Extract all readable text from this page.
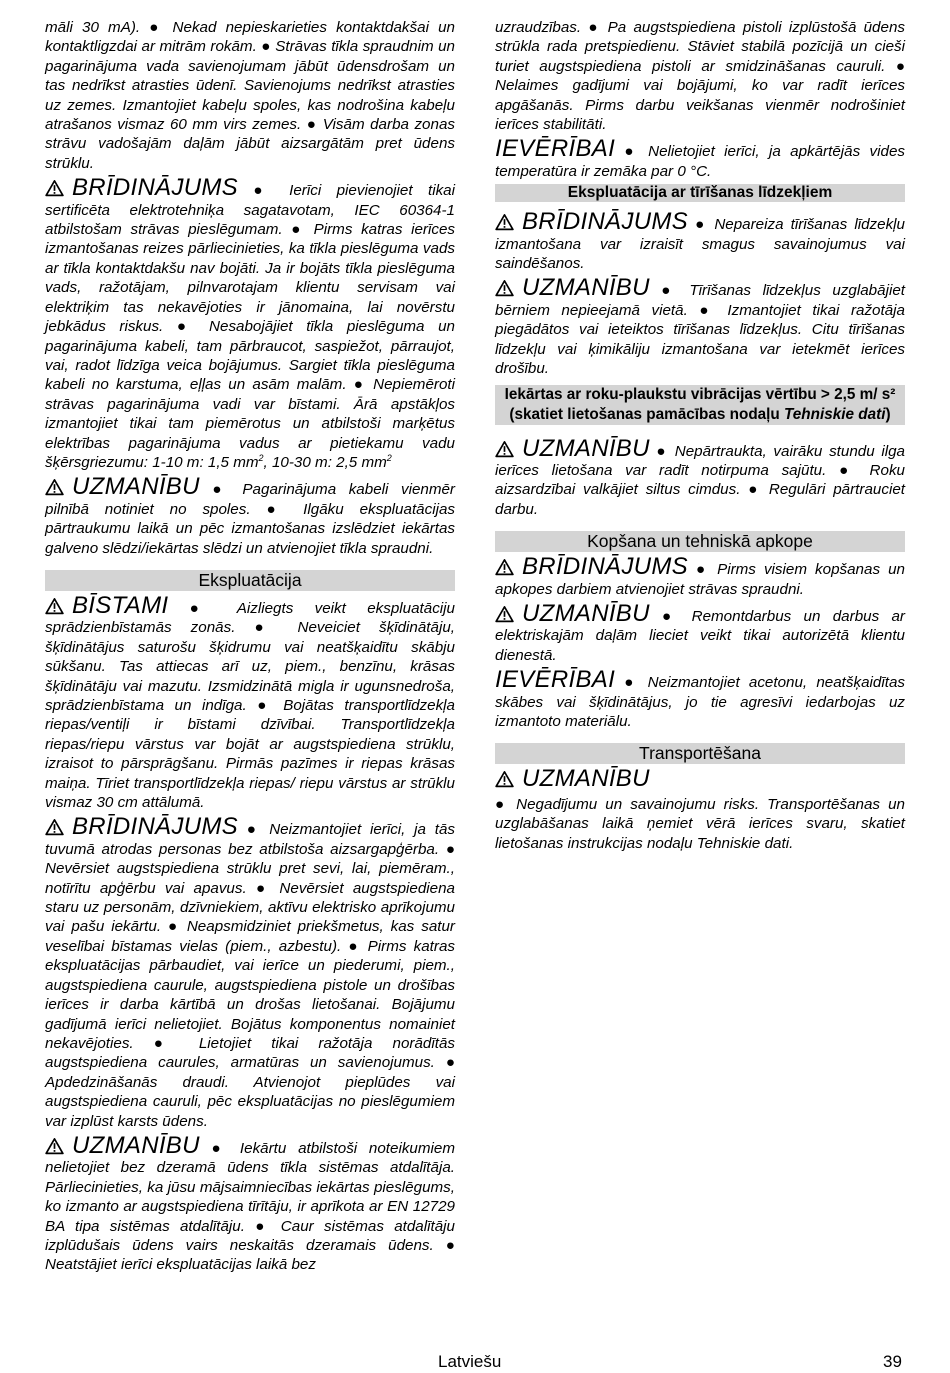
māli 30 mA). ● Nekad nepieskarieties kontaktdakšai un kontaktligzdai ar mitrām rokām. ● Strāvas tīkla spraudnim un pagarinājuma vada savienojumam jābūt ūdensdrošam un tas nedrīkst atrasties ūdenī. Savienojums nedrīkst atrasties uz zemes. Izmantojiet kabeļu spoles, kas nodrošina kabeļu atrašanos vismaz 60 mm virs zemes. ● Visām darba zonas strāvu vadošajām daļām jābūt aizsargātām pret ūdens strūklu.

BRĪDINĀJUMS ● Ierīci pievienojiet tikai sertificēta elektrotehniķa sagatavotam, IEC 60364-1 atbilstošam strāvas pieslēgumam. ● Pirms katras ierīces izmantošanas reizes pārliecinieties, ka tīkla pieslēguma vads ar tīkla kontaktdakšu nav bojāti. Ja ir bojāts tīkla pieslēguma vads, ražotājam, pilnvarotajam klientu servisam vai elektriķim tas nekavējoties ir jānomaina, lai novērstu jebkādus riskus. ● Nesabojājiet tīkla pieslēguma un pagarinājuma kabeli, tam pārbraucot, saspiežot, pārraujot, vai, radot līdzīga veica bojājumus. Sargiet tīkla pieslēguma kabeli no karstuma, eļļas un asām malām. ● Nepiemēroti strāvas pagarinājuma vadi var bīstami. Ārā apstākļos izmantojiet tikai tam piemērotus un atbilstoši marķētus elektrības pagarinājuma vadus ar pietiekamu vadu šķērsgriezumu: 1-10 m: 1,5 $mm^2$, 10-30 m: 2,5 $mm^2$

UZMANĪBU ● Pagarinājuma kabeli vienmēr pilnībā notiniet no spoles. ● Ilgāku ekspluatācijas pārtraukumu laikā un pēc izmantošanas izslēdziet iekārtas galveno slēdzi/iekārtas slēdzi un atvienojiet tīkla spraudni.

Ekspluatācija

BĪSTAMI ● Aizliegts veikt ekspluatāciju sprādzienbīstamās zonās. ● Neveiciet šķīdinātāju, šķīdinātājus saturošu šķidrumu vai neatšķaidītu skābju sūkšanu. Tas attiecas arī uz, piem., benzīnu, krāsas šķīdinātāju vai mazutu. Izsmidzinātā migla ir ugunsnedroša, sprādzienbīstama un indīga. ● Bojātas transportlīdzekļa riepas/ventiļi ir bīstami dzīvībai. Transportlīdzekļa riepas/riepu vārstus var bojāt ar augstspiediena strūklu, izraisot to pārsprāgšanu. Pirmās pazīmes ir riepas krāsas maiņa. Tīriet transportlīdzekļa riepas/ riepu vārstus ar strūklu vismaz 30 cm attālumā.

BRĪDINĀJUMS ● Neizmantojiet ierīci, ja tās tuvumā atrodas personas bez atbilstoša aizsargapģērba. ● Nevērsiet augstspiediena strūklu pret sevi, lai, piemēram., notīrītu apģērbu vai apavus. ● Nevērsiet augstspiediena staru uz personām, dzīvniekiem, aktīvu elektrisko aprīkojumu vai pašu iekārtu. ● Neapsmidziniet priekšmetus, kas satur veselībai bīstamas vielas (piem., azbestu). ● Pirms katras ekspluatācijas pārbaudiet, vai ierīce un piederumi, piem., augstspiediena caurule, augstspiediena pistole un drošības ierīces ir darba kārtībā un drošas lietošanai. Bojājumu gadījumā ierīci nelietojiet. Bojātus komponentus nomainiet nekavējoties. ● Lietojiet tikai ražotāja norādītās augstspiediena caurules, armatūras un savienojumus. ● Apdedzināšanās draudi. Atvienojot pieplūdes vai augstspiediena cauruli, pēc ekspluatācijas no pieslēgumiem var izplūst karsts ūdens.

UZMANĪBU ● Iekārtu atbilstoši noteikumiem nelietojiet bez dzeramā ūdens tīkla sistēmas atdalītāja. Pārliecinieties, ka jūsu mājsaimniecības iekārtas pieslēgums, ko izmanto ar augstspiediena tīrītāju, ir aprīkota ar EN 12729 BA tipa sistēmas atdalītāju. ● Caur sistēmas atdalītāju izplūdušais ūdens vairs neskaitās dzeramais ūdens. ● Neatstājiet ierīci ekspluatācijas laikā bez

uzraudzības. ● Pa augstspiediena pistoli izplūstošā ūdens strūkla rada pretspiedienu. Stāviet stabilā pozīcijā un cieši turiet augstspiediena pistoli ar smidzināšanas cauruli. ● Nelaimes gadījumi vai bojājumi, ko var radīt ierīces apgāšanās. Pirms darbu veikšanas vienmēr nodrošiniet ierīces stabilitāti.

IEVĒRĪBAI ● Nelietojiet ierīci, ja apkārtējās vides temperatūra ir zemāka par 0 °C.

Ekspluatācija ar tīrīšanas līdzekļiem

BRĪDINĀJUMS ● Nepareiza tīrīšanas līdzekļu izmantošana var izraisīt smagus savainojumus vai saindēšanos.

UZMANĪBU ● Tīrīšanas līdzekļus uzglabājiet bērniem nepieejamā vietā. ● Izmantojiet tikai ražotāja piegādātos vai ieteiktos tīrīšanas līdzekļus. Citu tīrīšanas līdzekļu vai ķimikāliju izmantošana var ietekmēt ierīces drošību.

Iekārtas ar roku-plaukstu vibrācijas vērtību > 2,5 m/ s² (skatiet lietošanas pamācības nodaļu Tehniskie dati)

UZMANĪBU ● Nepārtraukta, vairāku stundu ilga ierīces lietošana var radīt notirpuma sajūtu. ● Roku aizsardzībai valkājiet siltus cimdus. ● Regulāri pārtrauciet darbu.

Kopšana un tehniskā apkope

BRĪDINĀJUMS ● Pirms visiem kopšanas un apkopes darbiem atvienojiet strāvas spraudni.

UZMANĪBU ● Remontdarbus un darbus ar elektriskajām daļām lieciet veikt tikai autorizētā klientu dienestā.

IEVĒRĪBAI ● Neizmantojiet acetonu, neatšķaidītas skābes vai šķīdinātājus, jo tie agresīvi iedarbojas uz izmantoto materiālu.

Transportēšana

UZMANĪBU

● Negadījumu un savainojumu risks. Transportēšanas un uzglabāšanas laikā ņemiet vērā ierīces svaru, skatiet lietošanas instrukcijas nodaļu Tehniskie dati.

Latviešu	39
